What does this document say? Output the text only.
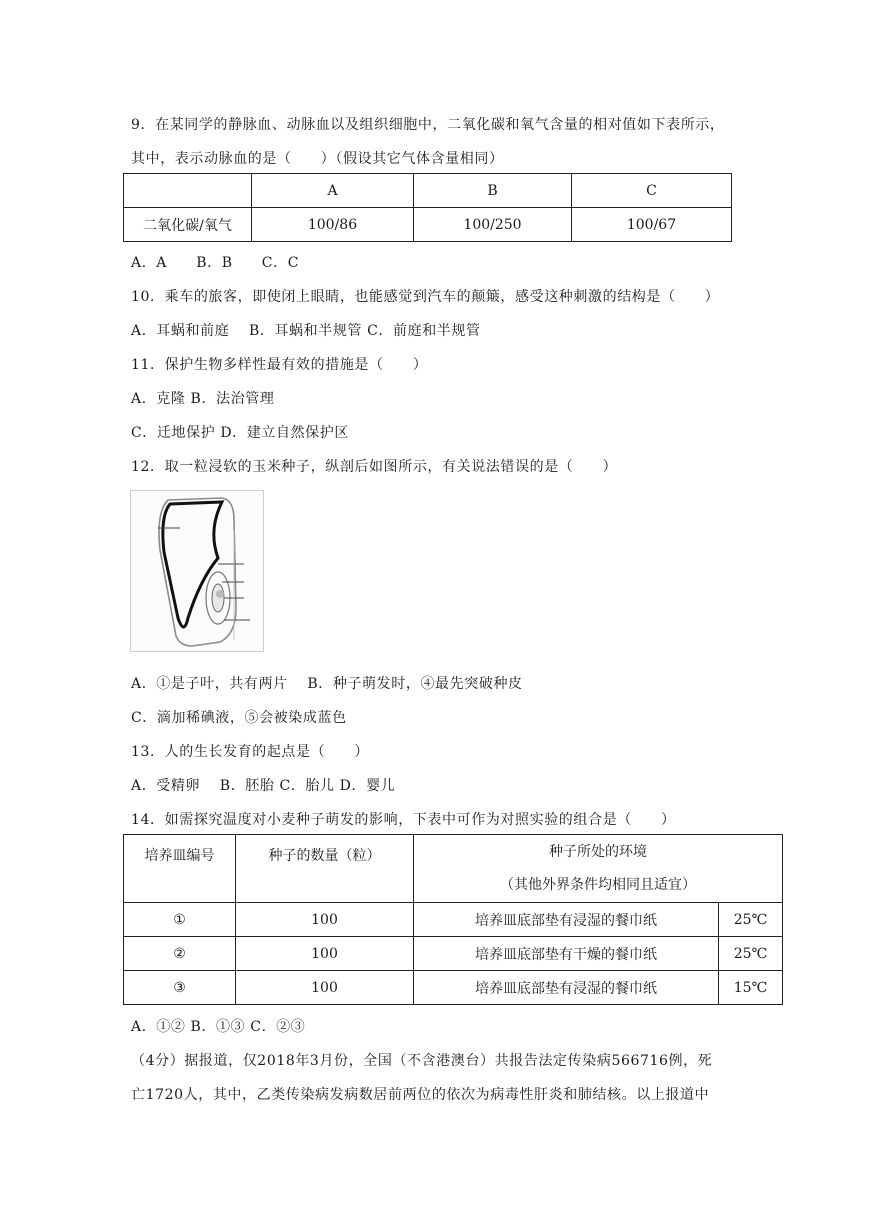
9．在某同学的静脉血、动脉血以及组织细胞中，二氧化碳和氧气含量的相对值如下表所示，
其中，表示动脉血的是（　　）（假设其它气体含量相同）
	A	B	C
二氧化碳/氧气	100/86	100/250	100/67
A．A　　B．B　　C．C
10．乘车的旅客，即使闭上眼睛，也能感觉到汽车的颠簸，感受这种刺激的结构是（　　）
A．耳蜗和前庭　 B．耳蜗和半规管 C．前庭和半规管
11．保护生物多样性最有效的措施是（　　）
A．克隆 B．法治管理
C．迁地保护 D．建立自然保护区
12．取一粒浸软的玉米种子，纵剖后如图所示，有关说法错误的是（　　）
A．①是子叶，共有两片　 B．种子萌发时，④最先突破种皮
C．滴加稀碘液，⑤会被染成蓝色
13．人的生长发育的起点是（　　）
A．受精卵　 B．胚胎 C．胎儿 D．婴儿
14．如需探究温度对小麦种子萌发的影响，下表中可作为对照实验的组合是（　　）
培养皿编号	种子的数量（粒）	种子所处的环境
（其他外界条件均相同且适宜）	

①	100	培养皿底部垫有浸湿的餐巾纸	25℃
②	100	培养皿底部垫有干燥的餐巾纸	25℃
③	100	培养皿底部垫有浸湿的餐巾纸	15℃
A．①② B．①③ C．②③
（4分）据报道，仅2018年3月份，全国（不含港澳台）共报告法定传染病566716例，死
亡1720人，其中，乙类传染病发病数居前两位的依次为病毒性肝炎和肺结核。以上报道中
